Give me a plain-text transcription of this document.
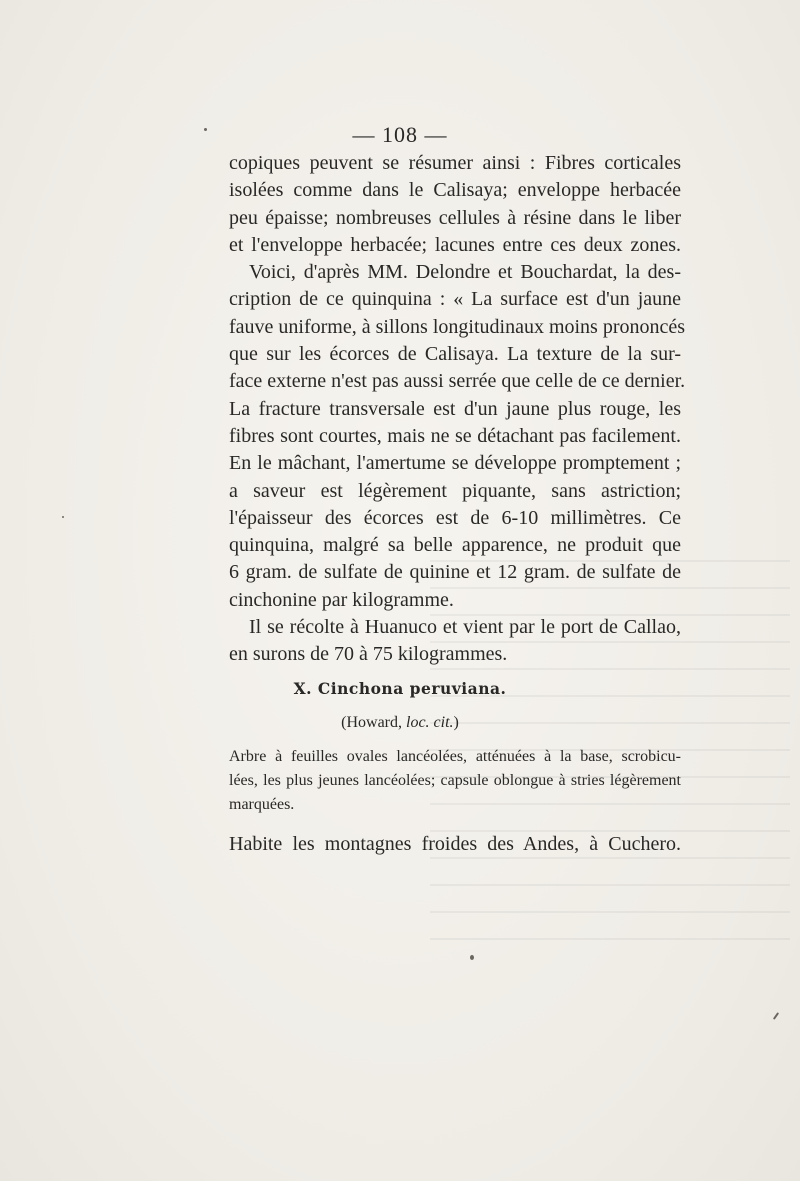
— 108 —
copiques peuvent se résumer ainsi : Fibres corticales
isolées comme dans le Calisaya; enveloppe herbacée
peu épaisse; nombreuses cellules à résine dans le liber
et l'enveloppe herbacée; lacunes entre ces deux zones.
Voici, d'après MM. Delondre et Bouchardat, la des-
cription de ce quinquina : « La surface est d'un jaune
fauve uniforme, à sillons longitudinaux moins prononcés
que sur les écorces de Calisaya. La texture de la sur-
face externe n'est pas aussi serrée que celle de ce dernier.
La fracture transversale est d'un jaune plus rouge, les
fibres sont courtes, mais ne se détachant pas facilement.
En le mâchant, l'amertume se développe promptement ;
a saveur est légèrement piquante, sans astriction;
l'épaisseur des écorces est de 6-10 millimètres. Ce
quinquina, malgré sa belle apparence, ne produit que
6 gram. de sulfate de quinine et 12 gram. de sulfate de
cinchonine par kilogramme.
Il se récolte à Huanuco et vient par le port de Callao,
en surons de 70 à 75 kilogrammes.
X. Cinchona peruviana.
(Howard, loc. cit.)
Arbre à feuilles ovales lancéolées, atténuées à la base, scrobicu-
lées, les plus jeunes lancéolées; capsule oblongue à stries légèrement
marquées.
Habite les montagnes froides des Andes, à Cuchero.
